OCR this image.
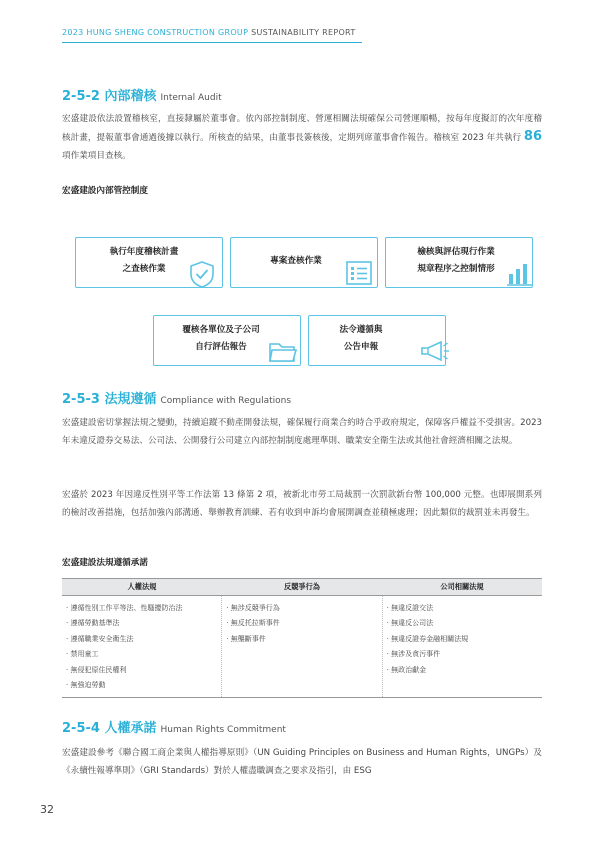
2023 HUNG SHENG CONSTRUCTION GROUP SUSTAINABILITY REPORT
2-5-2 內部稽核 Internal Audit
宏盛建設依法設置稽核室，直接隸屬於董事會。依內部控制制度、營運相關法規確保公司營運順暢，按每年度擬訂的次年度稽核計畫，提報董事會通過後據以執行。所核查的結果，由董事長簽核後，定期列席董事會作報告。稽核室 2023 年共執行 86 項作業項目查核。
宏盛建設內部管控制度
執行年度稽核計畫
之查核作業
專案查核作業
檢核與評估現行作業
規章程序之控制情形
覆核各單位及子公司
自行評估報告
法令遵循與
公告申報
2-5-3 法規遵循 Compliance with Regulations
宏盛建設密切掌握法規之變動，持續追蹤不動產開發法規，確保履行商業合約時合乎政府規定，保障客戶權益不受損害。2023 年未違反證券交易法、公司法、公開發行公司建立內部控制制度處理準則、職業安全衛生法或其他社會經濟相關之法規。
宏盛於 2023 年因違反性別平等工作法第 13 條第 2 項，被新北市勞工局裁罰一次罰款新台幣 100,000 元整。也即展開系列的檢討改善措施，包括加強內部溝通、舉辦教育訓練、若有收到申訴均會展開調查並積極處理；因此類似的裁罰並未再發生。
宏盛建設法規遵循承諾
人權法規	反競爭行為	公司相關法規
· 遵循性別工作平等法、性騷擾防治法
· 遵循勞動基準法
· 遵循職業安全衛生法
· 禁用童工
· 無侵犯原住民權利
· 無強迫勞動
· 無涉反競爭行為
· 無反托拉斯事件
· 無壟斷事件
· 無違反證交法
· 無違反公司法
· 無違反證券金融相關法規
· 無涉及貪污事件
· 無政治獻金
2-5-4 人權承諾 Human Rights Commitment
宏盛建設參考《聯合國工商企業與人權指導原則》（UN Guiding Principles on Business and Human Rights，UNGPs）及《永續性報導準則》（GRI Standards）對於人權盡職調查之要求及指引，由 ESG
32
